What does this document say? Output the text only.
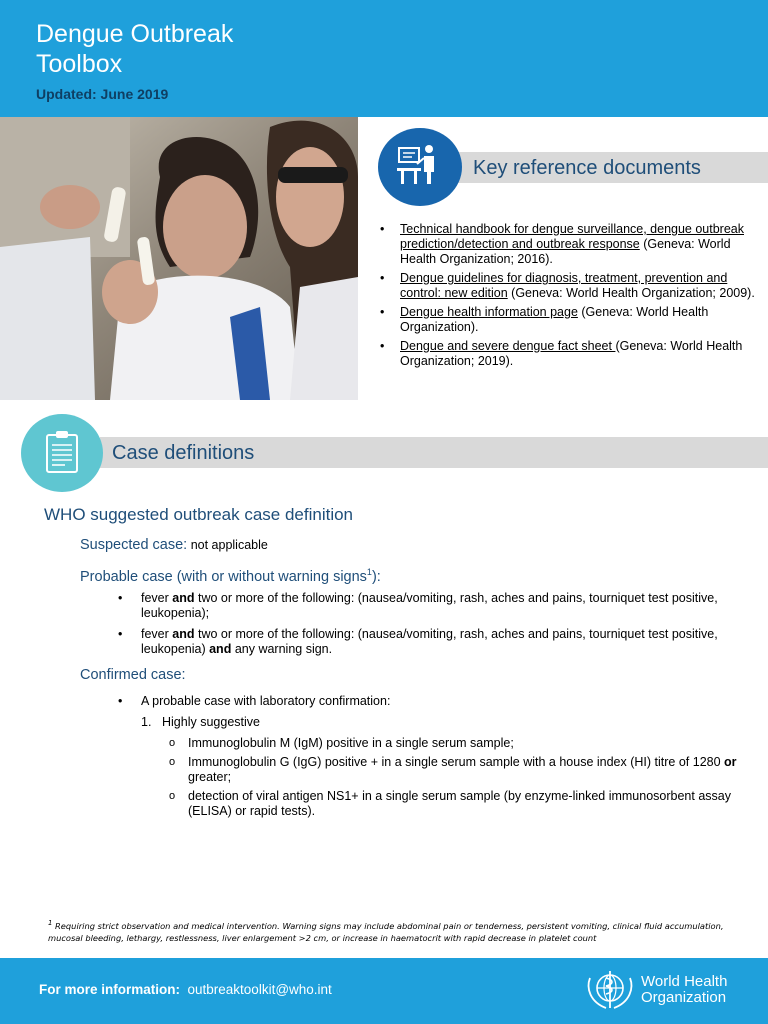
Dengue Outbreak
Toolbox
Updated: June 2019
Key reference documents
• Technical handbook for dengue surveillance, dengue outbreak prediction/detection and outbreak response (Geneva: World Health Organization; 2016).
• Dengue guidelines for diagnosis, treatment, prevention and control: new edition (Geneva: World Health Organization; 2009).
• Dengue health information page (Geneva: World Health Organization).
• Dengue and severe dengue fact sheet (Geneva: World Health Organization; 2019).
Case definitions
WHO suggested outbreak case definition
Suspected case: not applicable
Probable case (with or without warning signs$^1$):
• fever and two or more of the following: (nausea/vomiting, rash, aches and pains, tourniquet test positive, leukopenia);
• fever and two or more of the following: (nausea/vomiting, rash, aches and pains, tourniquet test positive, leukopenia) and any warning sign.
Confirmed case:
• A probable case with laboratory confirmation:
1. Highly suggestive
o Immunoglobulin M (IgM) positive in a single serum sample;
o Immunoglobulin G (IgG) positive + in a single serum sample with a house index (HI) titre of 1280 or greater;
o detection of viral antigen NS1+ in a single serum sample (by enzyme-linked immunosorbent assay (ELISA) or rapid tests).
$^1$ Requiring strict observation and medical intervention. Warning signs may include abdominal pain or tenderness, persistent vomiting, clinical fluid accumulation, mucosal bleeding, lethargy, restlessness, liver enlargement >2 cm, or increase in haematocrit with rapid decrease in platelet count
For more information: outbreaktoolkit@who.int	World Health
Organization
